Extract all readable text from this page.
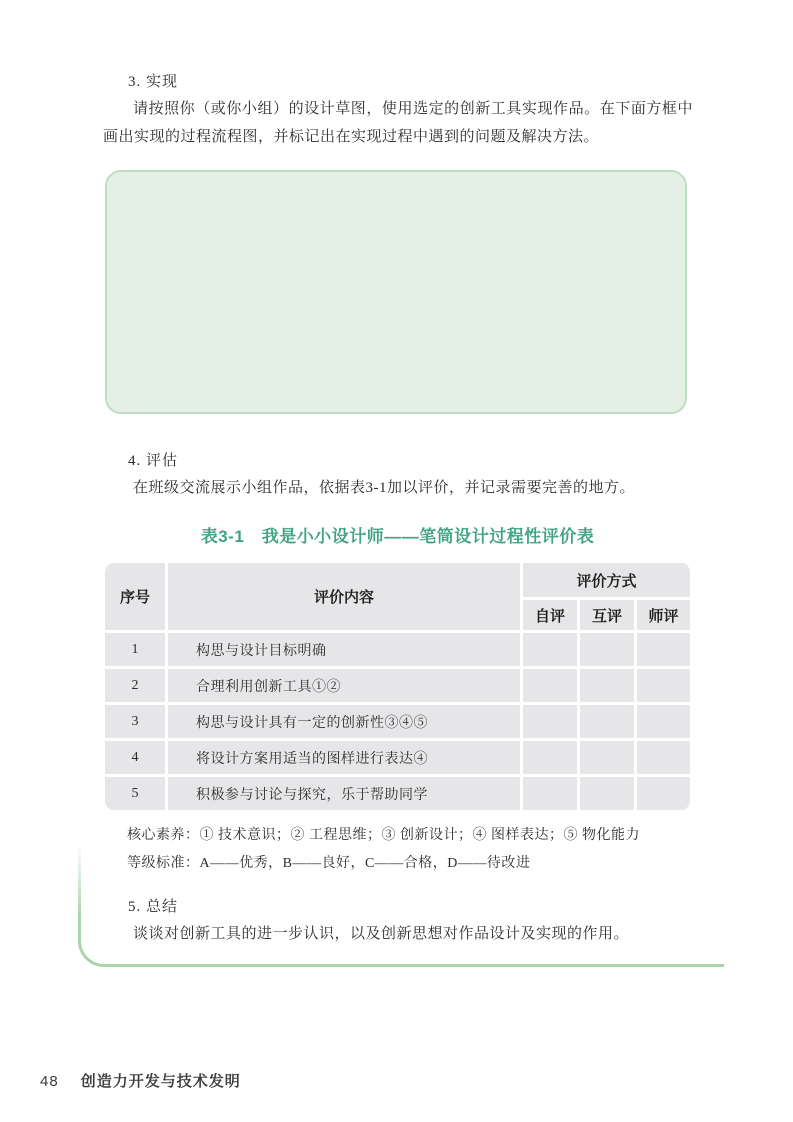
3. 实现
请按照你（或你小组）的设计草图，使用选定的创新工具实现作品。在下面方框中画出实现的过程流程图，并标记出在实现过程中遇到的问题及解决方法。
4. 评估
在班级交流展示小组作品，依据表3-1加以评价，并记录需要完善的地方。
表3-1　我是小小设计师——笔筒设计过程性评价表
序号	评价内容	评价方式		
		自评	互评	师评
1	构思与设计目标明确			
2	合理利用创新工具①②			
3	构思与设计具有一定的创新性③④⑤			
4	将设计方案用适当的图样进行表达④			
5	积极参与讨论与探究，乐于帮助同学			
核心素养：① 技术意识；② 工程思维；③ 创新设计；④ 图样表达；⑤ 物化能力
等级标准：A——优秀，B——良好，C——合格，D——待改进
5. 总结
谈谈对创新工具的进一步认识，以及创新思想对作品设计及实现的作用。
48 创造力开发与技术发明
